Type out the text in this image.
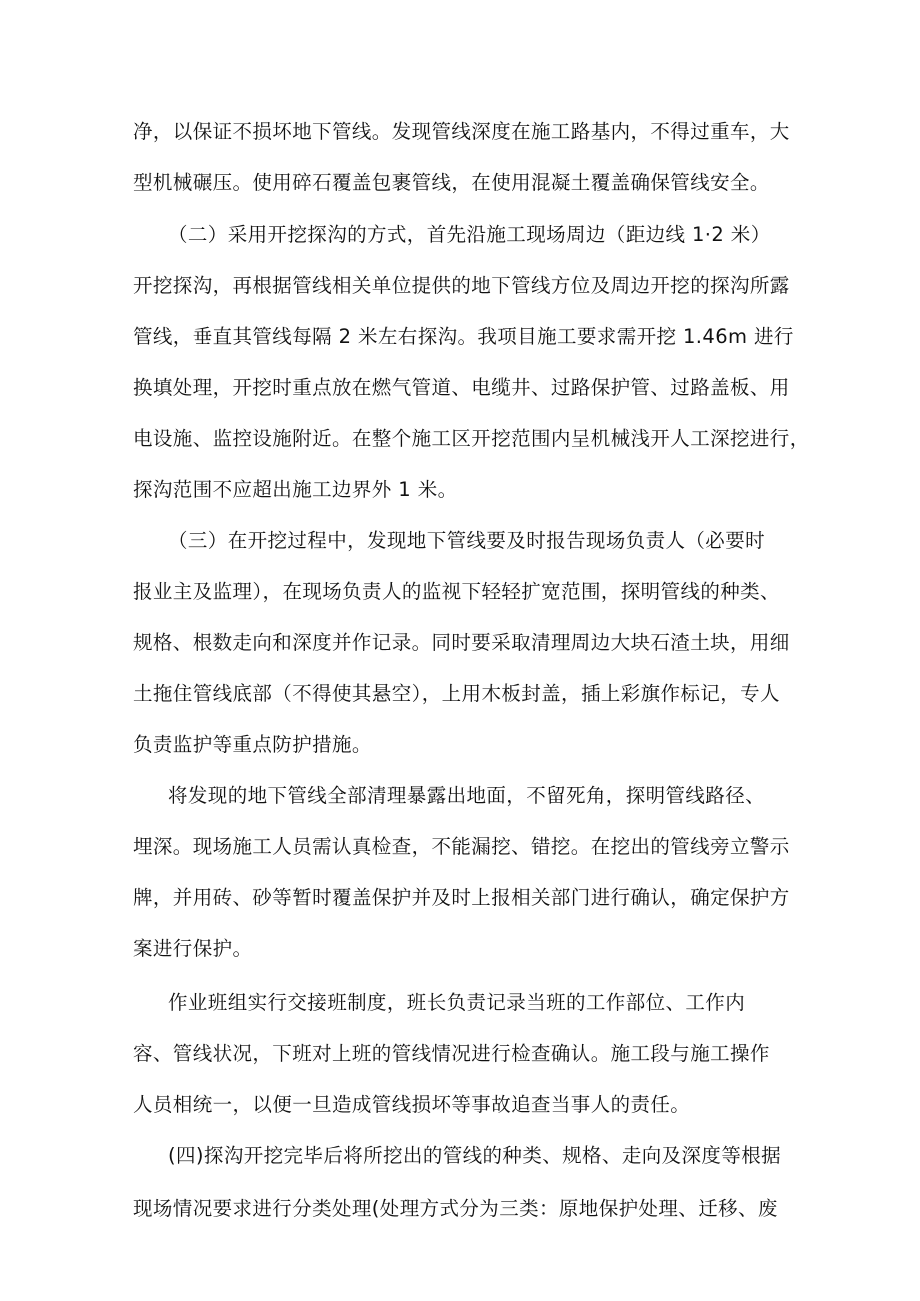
净，以保证不损坏地下管线。发现管线深度在施工路基内，不得过重车，大
型机械碾压。使用碎石覆盖包裹管线，在使用混凝土覆盖确保管线安全。
（二）采用开挖探沟的方式，首先沿施工现场周边（距边线 1·2 米）
开挖探沟，再根据管线相关单位提供的地下管线方位及周边开挖的探沟所露
管线，垂直其管线每隔 2 米左右探沟。我项目施工要求需开挖 1.46m 进行
换填处理，开挖时重点放在燃气管道、电缆井、过路保护管、过路盖板、用
电设施、监控设施附近。在整个施工区开挖范围内呈机械浅开人工深挖进行，
探沟范围不应超出施工边界外 1 米。
（三）在开挖过程中，发现地下管线要及时报告现场负责人（必要时
报业主及监理），在现场负责人的监视下轻轻扩宽范围，探明管线的种类、
规格、根数走向和深度并作记录。同时要采取清理周边大块石渣土块，用细
土拖住管线底部（不得使其悬空），上用木板封盖，插上彩旗作标记，专人
负责监护等重点防护措施。
将发现的地下管线全部清理暴露出地面，不留死角，探明管线路径、
埋深。现场施工人员需认真检查，不能漏挖、错挖。在挖出的管线旁立警示
牌，并用砖、砂等暂时覆盖保护并及时上报相关部门进行确认，确定保护方
案进行保护。
作业班组实行交接班制度，班长负责记录当班的工作部位、工作内
容、管线状况，下班对上班的管线情况进行检查确认。施工段与施工操作
人员相统一，以便一旦造成管线损坏等事故追查当事人的责任。
(四)探沟开挖完毕后将所挖出的管线的种类、规格、走向及深度等根据
现场情况要求进行分类处理(处理方式分为三类：原地保护处理、迁移、废
